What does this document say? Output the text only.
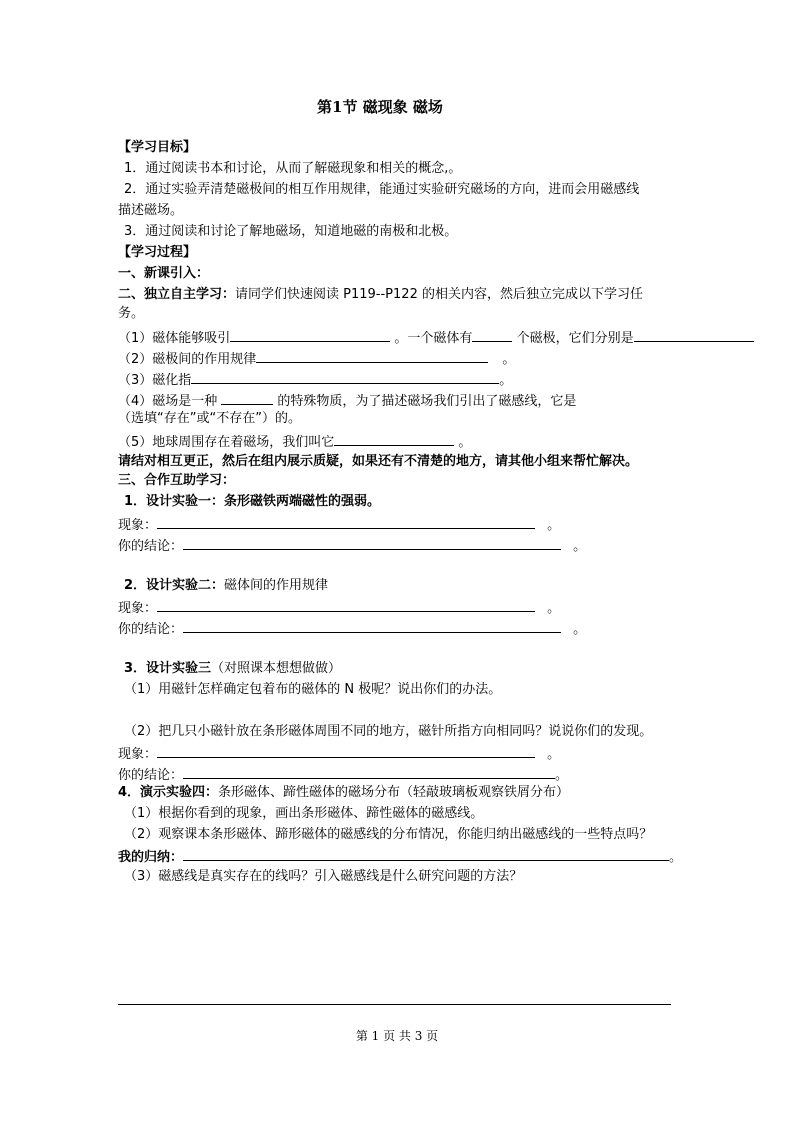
第1节 磁现象 磁场
【学习目标】
1．通过阅读书本和讨论，从而了解磁现象和相关的概念,。
2．通过实验弄清楚磁极间的相互作用规律，能通过实验研究磁场的方向，进而会用磁感线
描述磁场。
3．通过阅读和讨论了解地磁场，知道地磁的南极和北极。
【学习过程】
一、新课引入：
二、独立自主学习：请同学们快速阅读 P119--P122 的相关内容，然后独立完成以下学习任
务。
（1）磁体能够吸引	。一个磁体有	个磁极，它们分别是
（2）磁极间的作用规律	。
（3）磁化指	。
（4）磁场是一种	的特殊物质，为了描述磁场我们引出了磁感线，它是
（选填“存在”或“不存在”）的。
（5）地球周围存在着磁场，我们叫它	。
请结对相互更正，然后在组内展示质疑，如果还有不清楚的地方，请其他小组来帮忙解决。
三、合作互助学习：
1．设计实验一：条形磁铁两端磁性的强弱。
现象：	。
你的结论：	。
2．设计实验二：磁体间的作用规律
现象：	。
你的结论：	。
3．设计实验三（对照课本想想做做）
（1）用磁针怎样确定包着布的磁体的 N 极呢？说出你们的办法。
（2）把几只小磁针放在条形磁体周围不同的地方，磁针所指方向相同吗？说说你们的发现。
现象：	。
你的结论：	。
4．演示实验四：条形磁体、蹄性磁体的磁场分布（轻敲玻璃板观察铁屑分布）
（1）根据你看到的现象，画出条形磁体、蹄性磁体的磁感线。
（2）观察课本条形磁体、蹄形磁体的磁感线的分布情况，你能归纳出磁感线的一些特点吗？
我的归纳：	。
（3）磁感线是真实存在的线吗？引入磁感线是什么研究问题的方法？
第 1 页 共 3 页
